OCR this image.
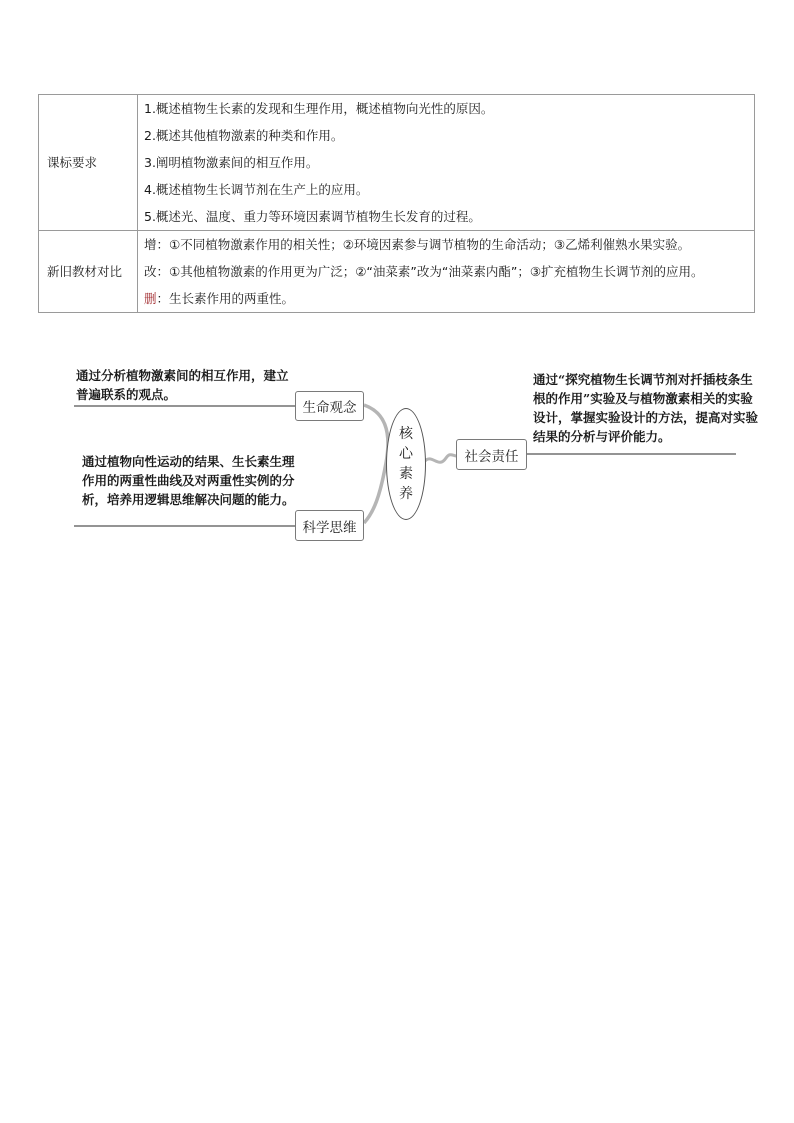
课标要求	1.概述植物生长素的发现和生理作用，概述植物向光性的原因。
2.概述其他植物激素的种类和作用。
3.阐明植物激素间的相互作用。
4.概述植物生长调节剂在生产上的应用。
5.概述光、温度、重力等环境因素调节植物生长发育的过程。

新旧教材对比	增：①不同植物激素作用的相关性；②环境因素参与调节植物的生命活动；③乙烯利催熟水果实验。
改：①其他植物激素的作用更为广泛；②“油菜素”改为“油菜素内酯”；③扩充植物生长调节剂的应用。
删：生长素作用的两重性。
通过分析植物激素间的相互作用，建立普遍联系的观点。
通过植物向性运动的结果、生长素生理作用的两重性曲线及对两重性实例的分析，培养用逻辑思维解决问题的能力。
通过“探究植物生长调节剂对扦插枝条生根的作用”实验及与植物激素相关的实验设计，掌握实验设计的方法，提高对实验结果的分析与评价能力。
生命观念
科学思维
社会责任
核心素养
